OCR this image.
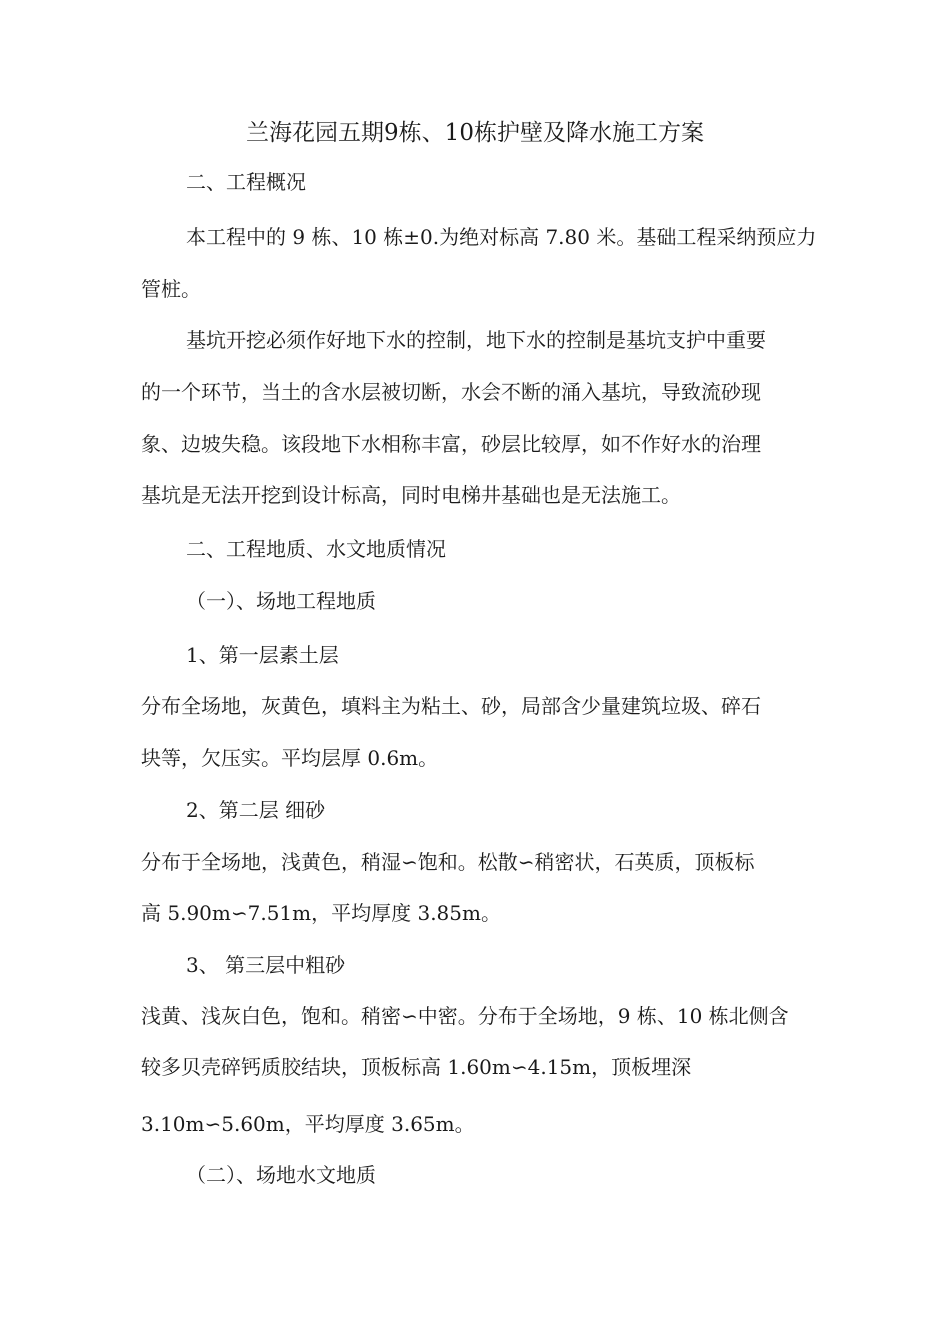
兰海花园五期9栋、10栋护壁及降水施工方案
二、工程概况
本工程中的 9 栋、10 栋±0.为绝对标高 7.80 米。基础工程采纳预应力
管桩。
基坑开挖必须作好地下水的控制，地下水的控制是基坑支护中重要
的一个环节，当土的含水层被切断，水会不断的涌入基坑，导致流砂现
象、边坡失稳。该段地下水相称丰富，砂层比较厚，如不作好水的治理
基坑是无法开挖到设计标高，同时电梯井基础也是无法施工。
二、工程地质、水文地质情况
（一）、场地工程地质
1、第一层素土层
分布全场地，灰黄色，填料主为粘土、砂，局部含少量建筑垃圾、碎石
块等，欠压实。平均层厚 0.6m。
2、第二层 细砂
分布于全场地，浅黄色，稍湿∽饱和。松散∽稍密状，石英质，顶板标
高 5.90m∽7.51m，平均厚度 3.85m。
3、 第三层中粗砂
浅黄、浅灰白色，饱和。稍密∽中密。分布于全场地，9 栋、10 栋北侧含
较多贝壳碎钙质胶结块，顶板标高 1.60m∽4.15m，顶板埋深
3.10m∽5.60m，平均厚度 3.65m。
（二）、场地水文地质
